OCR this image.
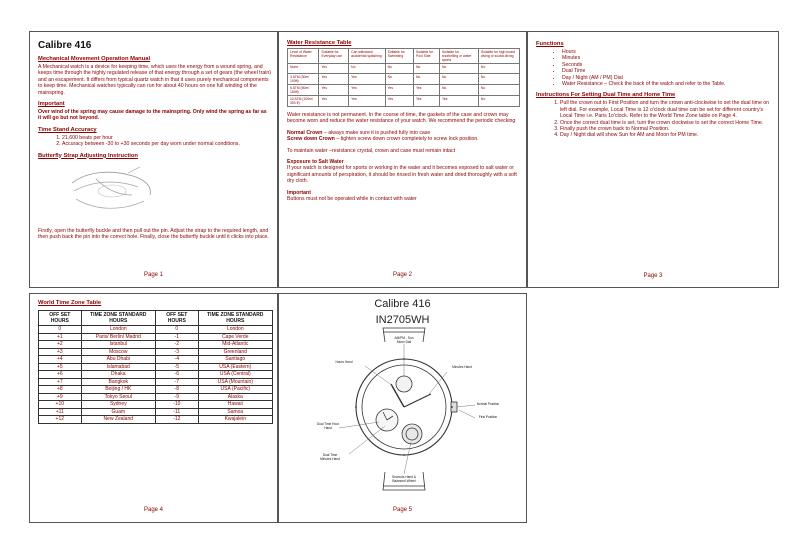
Calibre 416
Mechanical Movement Operation Manual

A Mechanical watch is a device for keeping time, which uses the energy from a wound spring, and keeps time through the highly regulated release of that energy through a set of gears (the wheel train) and an escapement. It differs from typical quartz watch in that it uses purely mechanical components to keep time. Mechanical watches typically can run for about 40 hours on one full winding of the mainspring.

Important

Over wind of the spring may cause damage to the mainspring. Only wind the spring as far as it will go but not beyond.

Time Stand Accuracy
1. 21,600 beats per hour
2. Accuracy between -30 to +30 seconds per day worn under normal conditions.
Butterfly Strap Adjusting Instruction

Firstly, open the butterfly buckle and then pull out the pin. Adjust the strap to the required length, and then push back the pin into the correct hole. Finally, close the butterfly buckle until it clicks into place.

Page 1
Water Resistance Table
Level of Water Resistance	Suitable for Everyday use	Can withstand accidental splashing	Suitable for Swimming	Suitable for Pool Side	Suitable for snorkelling or water sports	Suitable for high board diving or scuba diving
None	Yes	No	No	No	No	No
3 ATM (30m/ 100ft)	Yes	Yes	No	No	No	No
5 ATM (50m/ 150ft)	Yes	Yes	Yes	Yes	No	No
10 ATM (100m/ 300 ft)	Yes	Yes	Yes	Yes	Yes	No

Water resistance is not permanent. In the course of time, the gaskets of the case and crown may become worn and reduce the water resistance of your watch. We recommend the periodic checking

Normal Crown – always make sure it is pushed fully into case

Screw down Crown – tighten screw down crown completely to screw lock position.

To maintain water –resistance crystal, crown and case must remain intact

Exposure to Salt Water

If your watch is designed for sports or working in the water and it becomes exposed to salt water or significant amounts of perspiration, it should be rinsed in fresh water and dried thoroughly with a soft dry cloth.

Important

Buttons must not be operated while in contact with water

Page 2
Functions
• Hours
• Minutes
• Seconds
• Dual Time
• Day / Night (AM / PM) Dial
• Water Resistance – Check the back of the watch and refer to the Table.
Instructions For Setting Dual Time and Home Time
1. Pull the crown out to First Position and turn the crown anti-clockwise to set the dual time on left dial. For example, Local Time is 12 o'clock dual time can be set for different country's Local Time i.e. Paris 1o'clock. Refer to the World Time Zone table on Page 4.
2. Once the correct dual time is set, turn the crown clockwise to set the correct Home Time.
3. Finally push the crown back to Normal Position.
4. Day / Night dial will show Sun for AM and Moon for PM time.
Page 3
World Time Zone Table
OFF SET HOURS	TIME ZONE STANDARD HOURS	OFF SET HOURS	TIME ZONE STANDARD HOURS
0	London	0	London
+1	Paris/ Berlin/ Madrid	-1	Cape Verde
+2	Istanbul	-2	Mid-Atlantic
+3	Moscow	-3	Greenland
+4	Abu Dhabi	-4	Santiago
+5	Islamabad	-5	USA (Eastern)
+6	Dhaka	-6	USA (Central)
+7	Bangkok	-7	USA (Mountain)
+8	Beijing / HK	-8	USA (Pacific)
+9	Tokyo Seoul	-9	Alaska
+10	Sydney	-10	Hawaii
+11	Guam	-11	Samoa
+12	New Zealand	-12	Kwajalein
Page 4
Calibre 416
IN2705WH
AM/PM - Sun Moon Dial
Hours Hand
Minutes Hand
Normal Position
First Position
Dual Time Hour Hand
Dual Time Minutes Hand
Seconds Hand & Balanced Wheel
Page 5
